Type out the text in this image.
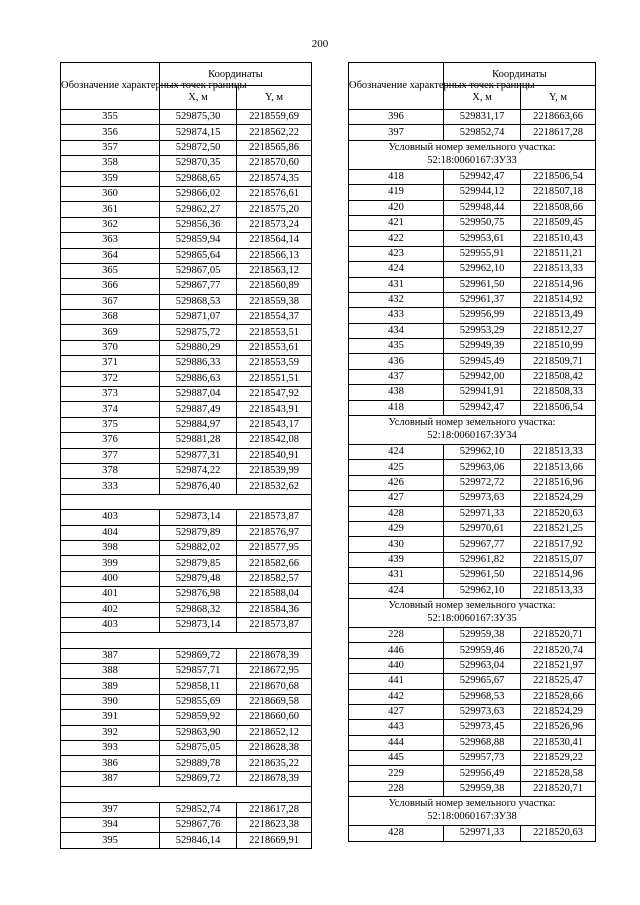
200
Обозначение характерных точек границы	Координаты	
	X, м	Y, м
355	529875,30	2218559,69
356	529874,15	2218562,22
357	529872,50	2218565,86
358	529870,35	2218570,60
359	529868,65	2218574,35
360	529866,02	2218576,61
361	529862,27	2218575,20
362	529856,36	2218573,24
363	529859,94	2218564,14
364	529865,64	2218566,13
365	529867,05	2218563,12
366	529867,77	2218560,89
367	529868,53	2218559,38
368	529871,07	2218554,37
369	529875,72	2218553,51
370	529880,29	2218553,61
371	529886,33	2218553,59
372	529886,63	2218551,51
373	529887,04	2218547,92
374	529887,49	2218543,91
375	529884,97	2218543,17
376	529881,28	2218542,08
377	529877,31	2218540,91
378	529874,22	2218539,99
333	529876,40	2218532,62

403	529873,14	2218573,87
404	529879,89	2218576,97
398	529882,02	2218577,95
399	529879,85	2218582,66
400	529879,48	2218582,57
401	529876,98	2218588,04
402	529868,32	2218584,36
403	529873,14	2218573,87

387	529869,72	2218678,39
388	529857,71	2218672,95
389	529858,11	2218670,68
390	529855,69	2218669,58
391	529859,92	2218660,60
392	529863,90	2218652,12
393	529875,05	2218628,38
386	529889,78	2218635,22
387	529869,72	2218678,39

397	529852,74	2218617,28
394	529867,76	2218623,38
395	529846,14	2218669,91
Обозначение характерных точек границы	Координаты	
	X, м	Y, м
396	529831,17	2218663,66
397	529852,74	2218617,28
Условный номер земельного участка: 52:18:0060167:ЗУ33		
418	529942,47	2218506,54
419	529944,12	2218507,18
420	529948,44	2218508,66
421	529950,75	2218509,45
422	529953,61	2218510,43
423	529955,91	2218511,21
424	529962,10	2218513,33
431	529961,50	2218514,96
432	529961,37	2218514,92
433	529956,99	2218513,49
434	529953,29	2218512,27
435	529949,39	2218510,99
436	529945,49	2218509,71
437	529942,00	2218508,42
438	529941,91	2218508,33
418	529942,47	2218506,54
Условный номер земельного участка: 52:18:0060167:ЗУ34		
424	529962,10	2218513,33
425	529963,06	2218513,66
426	529972,72	2218516,96
427	529973,63	2218524,29
428	529971,33	2218520,63
429	529970,61	2218521,25
430	529967,77	2218517,92
439	529961,82	2218515,07
431	529961,50	2218514,96
424	529962,10	2218513,33
Условный номер земельного участка: 52:18:0060167:ЗУ35		
228	529959,38	2218520,71
446	529959,46	2218520,74
440	529963,04	2218521,97
441	529965,67	2218525,47
442	529968,53	2218528,66
427	529973,63	2218524,29
443	529973,45	2218526,96
444	529968,88	2218530,41
445	529957,73	2218529,22
229	529956,49	2218528,58
228	529959,38	2218520,71
Условный номер земельного участка: 52:18:0060167:ЗУ38		
428	529971,33	2218520,63
